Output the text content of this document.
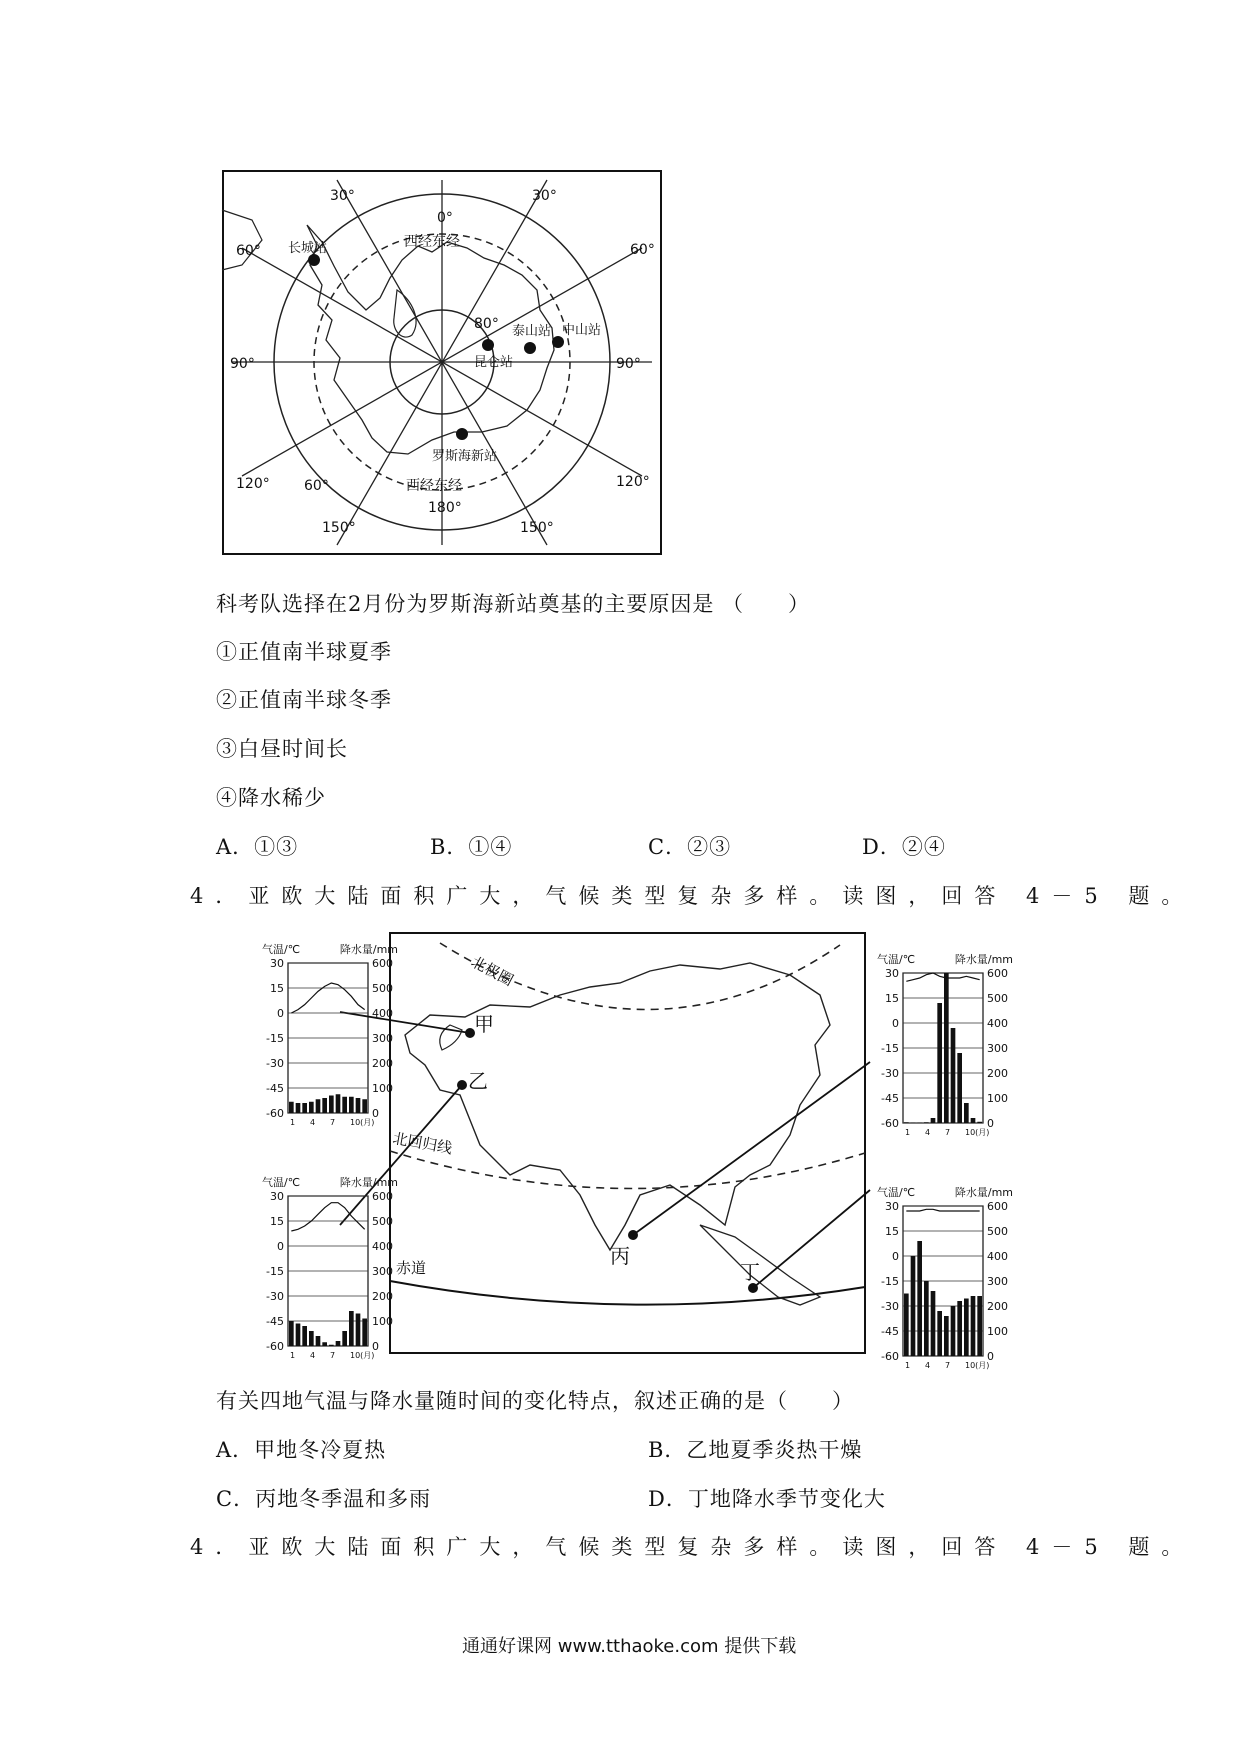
30°
0°
30°
60°	60°
90°	90°
120°	120°
60°
150°	150°
180°
80°
西经东经
西经东经
长城站
泰山站 中山站
昆仑站
罗斯海新站
科考队选择在2月份为罗斯海新站奠基的主要原因是 （　　）
①正值南半球夏季
②正值南半球冬季
③白昼时间长
④降水稀少
A．①③	B．①④	C．②③	D．②④
4．亚欧大陆面积广大，气候类型复杂多样。读图，回答 4－5 题。
北极圈
北回归线
赤道
甲
乙
丙
丁
气温/℃	降水量/mm
30	600
15	500
0	400
-15	300
-30	200
-45	100
-60	0
1 4 7 10(月)
气温/℃	降水量/mm
30	600
15	500
0	400
-15	300
-30	200
-45	100
-60	0
1 4 7 10(月)
气温/℃	降水量/mm
30	600
15	500
0	400
-15	300
-30	200
-45	100
-60	0
1 4 7 10(月)
气温/℃	降水量/mm
30	600
15	500
0	400
-15	300
-30	200
-45	100
-60	0
1 4 7 10(月)
有关四地气温与降水量随时间的变化特点，叙述正确的是（　　）
A．甲地冬冷夏热	B．乙地夏季炎热干燥
C．丙地冬季温和多雨	D．丁地降水季节变化大
4．亚欧大陆面积广大，气候类型复杂多样。读图，回答 4－5 题。
通通好课网 www.tthaoke.com 提供下载
